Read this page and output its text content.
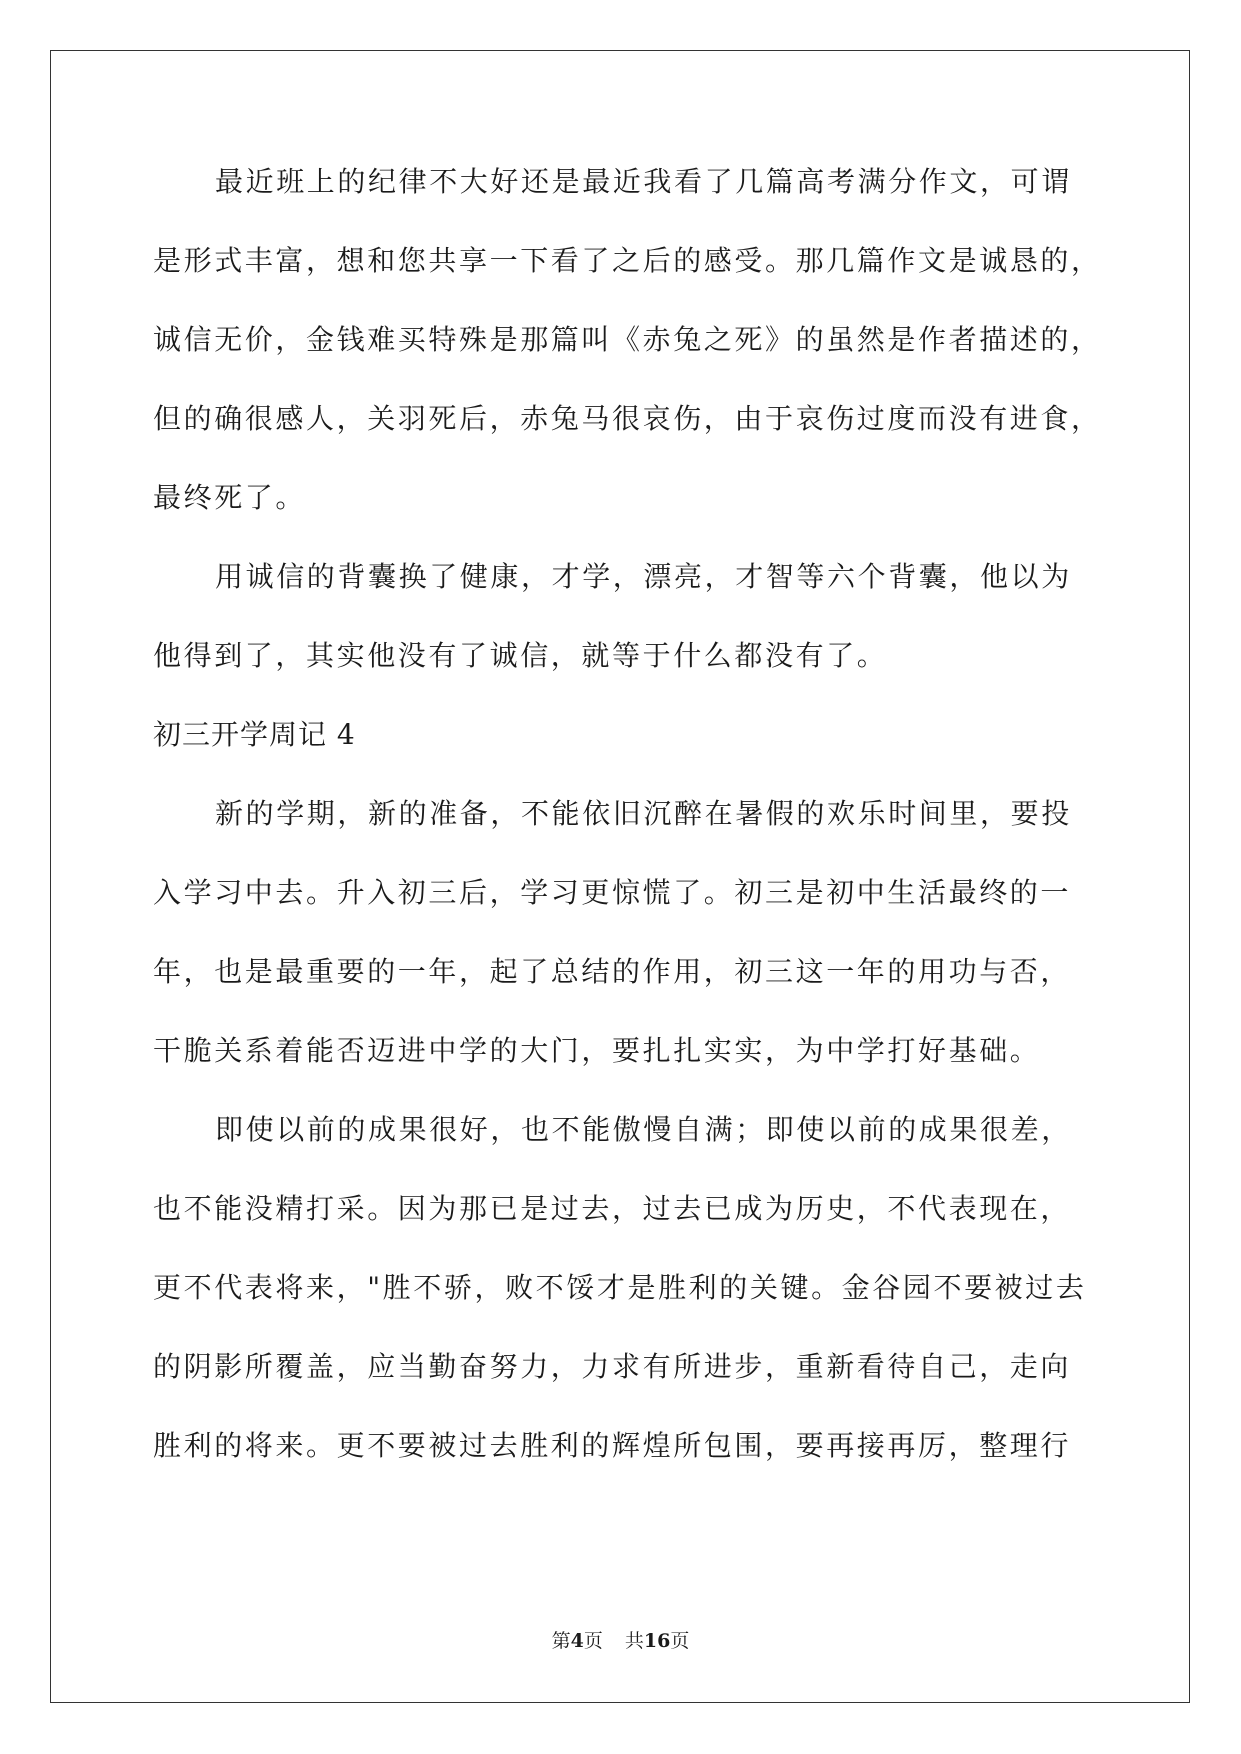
最近班上的纪律不大好还是最近我看了几篇高考满分作文，可谓
是形式丰富，想和您共享一下看了之后的感受。那几篇作文是诚恳的，
诚信无价，金钱难买特殊是那篇叫《赤兔之死》的虽然是作者描述的，
但的确很感人，关羽死后，赤兔马很哀伤，由于哀伤过度而没有进食，
最终死了。
用诚信的背囊换了健康，才学，漂亮，才智等六个背囊，他以为
他得到了，其实他没有了诚信，就等于什么都没有了。
初三开学周记 4
新的学期，新的准备，不能依旧沉醉在暑假的欢乐时间里，要投
入学习中去。升入初三后，学习更惊慌了。初三是初中生活最终的一
年，也是最重要的一年，起了总结的作用，初三这一年的用功与否，
干脆关系着能否迈进中学的大门，要扎扎实实，为中学打好基础。
即使以前的成果很好，也不能傲慢自满；即使以前的成果很差，
也不能没精打采。因为那已是过去，过去已成为历史，不代表现在，
更不代表将来，"胜不骄，败不馁才是胜利的关键。金谷园不要被过去
的阴影所覆盖，应当勤奋努力，力求有所进步，重新看待自己，走向
胜利的将来。更不要被过去胜利的辉煌所包围，要再接再厉，整理行
第4页 共16页
